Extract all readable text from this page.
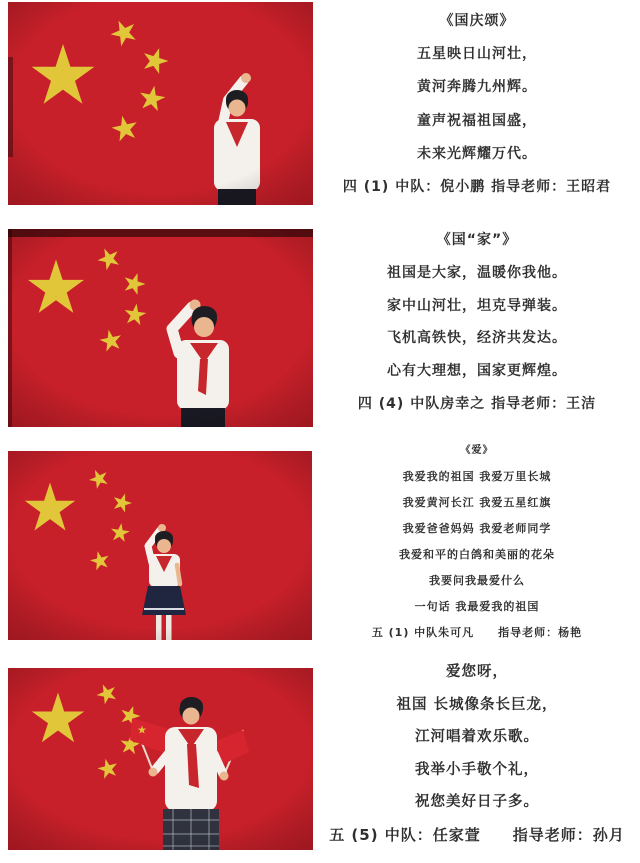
《国庆颂》
五星映日山河壮，
黄河奔腾九州辉。
童声祝福祖国盛，
未来光辉耀万代。
四 (1) 中队：倪小鹏 指导老师：王昭君
《国“家”》
祖国是大家，温暖你我他。
家中山河壮，坦克导弹装。
飞机高铁快，经济共发达。
心有大理想，国家更辉煌。
四 (4) 中队房幸之 指导老师：王洁
《爱》
我爱我的祖国 我爱万里长城
我爱黄河长江 我爱五星红旗
我爱爸爸妈妈 我爱老师同学
我爱和平的白鸽和美丽的花朵
我要问我最爱什么
一句话 我最爱我的祖国
五 (1) 中队朱可凡　　指导老师：杨艳
爱您呀，
祖国 长城像条长巨龙，
江河唱着欢乐歌。
我举小手敬个礼，
祝您美好日子多。
五 (5) 中队：任家萱　　指导老师：孙月
